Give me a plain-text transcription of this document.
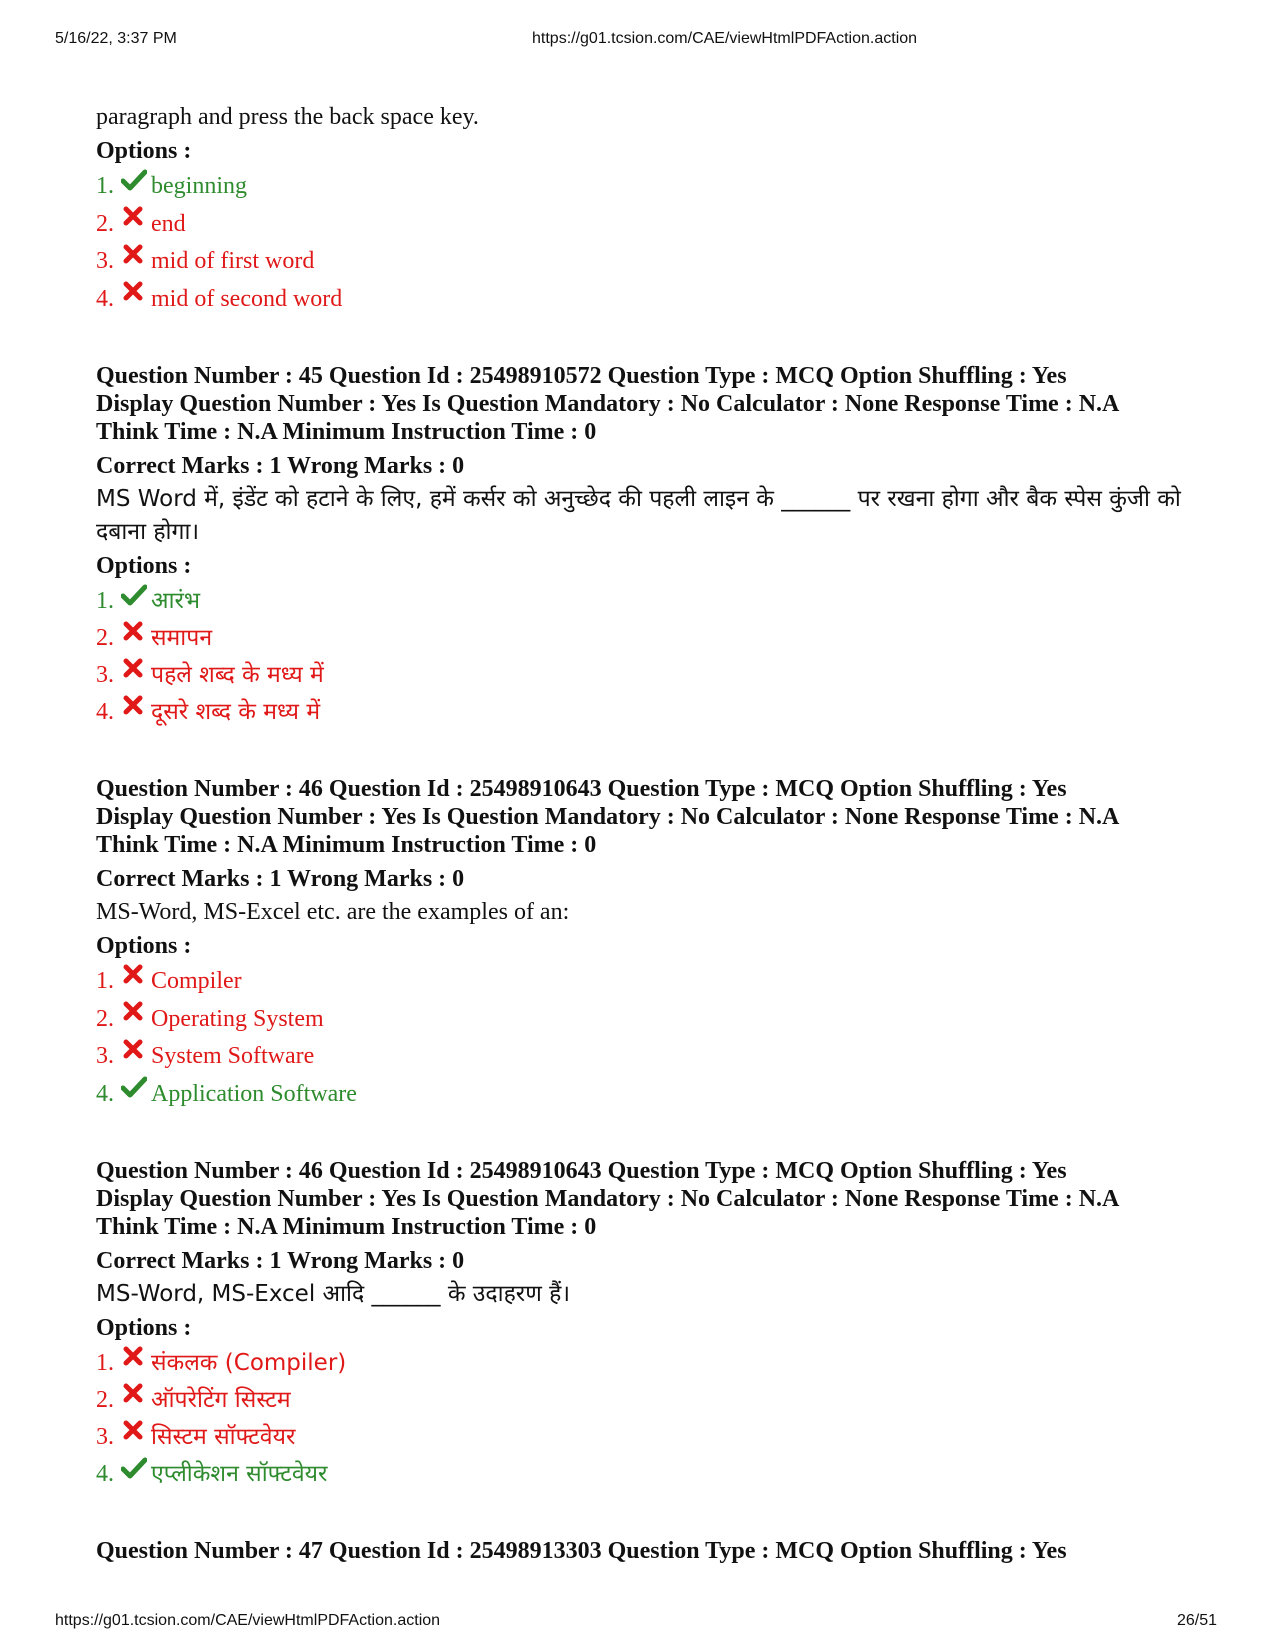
5/16/22, 3:37 PM	https://g01.tcsion.com/CAE/viewHtmlPDFAction.action

paragraph and press the back space key.

Options :

1. beginning
2. end
3. mid of first word
4. mid of second word

Question Number : 45 Question Id : 25498910572 Question Type : MCQ Option Shuffling : Yes
Display Question Number : Yes Is Question Mandatory : No Calculator : None Response Time : N.A
Think Time : N.A Minimum Instruction Time : 0

Correct Marks : 1 Wrong Marks : 0

MS Word में, इंडेंट को हटाने के लिए, हमें कर्सर को अनुच्छेद की पहली लाइन के ______ पर रखना होगा और बैक स्पेस कुंजी को दबाना होगा।

Options :

1.	आरंभ
2.	समापन
3.	पहले शब्द के मध्य में
4.	दूसरे शब्द के मध्य में

Question Number : 46 Question Id : 25498910643 Question Type : MCQ Option Shuffling : Yes
Display Question Number : Yes Is Question Mandatory : No Calculator : None Response Time : N.A
Think Time : N.A Minimum Instruction Time : 0

Correct Marks : 1 Wrong Marks : 0

MS-Word, MS-Excel etc. are the examples of an:

Options :

1. Compiler
2. Operating System
3. System Software
4. Application Software

Question Number : 46 Question Id : 25498910643 Question Type : MCQ Option Shuffling : Yes
Display Question Number : Yes Is Question Mandatory : No Calculator : None Response Time : N.A
Think Time : N.A Minimum Instruction Time : 0

Correct Marks : 1 Wrong Marks : 0

MS-Word, MS-Excel आदि ______ के उदाहरण हैं।

Options :

1.	संकलक (Compiler)
2.	ऑपरेटिंग सिस्टम
3.	सिस्टम सॉफ्टवेयर
4.	एप्लीकेशन सॉफ्टवेयर

Question Number : 47 Question Id : 25498913303 Question Type : MCQ Option Shuffling : Yes

https://g01.tcsion.com/CAE/viewHtmlPDFAction.action	26/51
